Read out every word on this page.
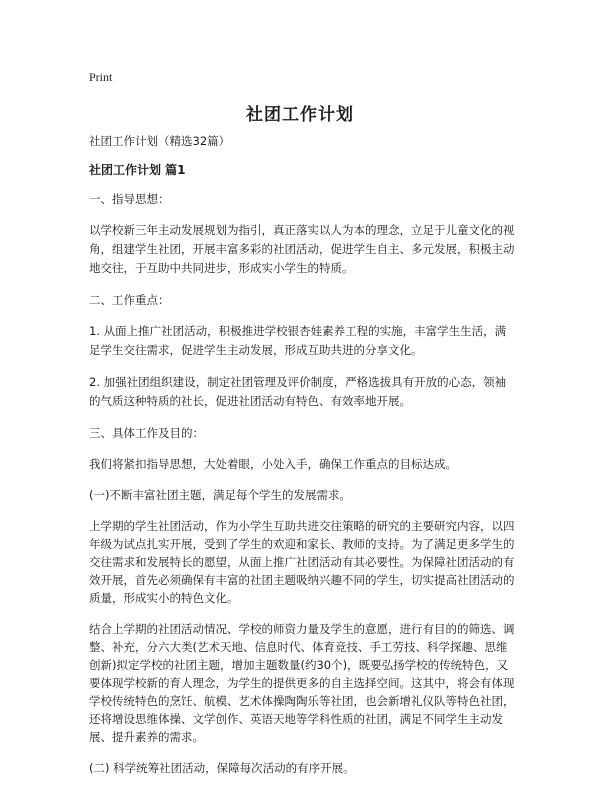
Print
社团工作计划
社团工作计划（精选32篇）
社团工作计划 篇1
一、指导思想：
以学校新三年主动发展规划为指引，真正落实以人为本的理念，立足于儿童文化的视角，组建学生社团，开展丰富多彩的社团活动，促进学生自主、多元发展，积极主动地交往，于互助中共同进步，形成实小学生的特质。
二、工作重点：
1. 从面上推广社团活动，积极推进学校银杏娃素养工程的实施，丰富学生生活，满足学生交往需求，促进学生主动发展，形成互助共进的分享文化。
2. 加强社团组织建设，制定社团管理及评价制度，严格选拔具有开放的心态，领袖的气质这种特质的社长，促进社团活动有特色、有效率地开展。
三、具体工作及目的：
我们将紧扣指导思想，大处着眼，小处入手，确保工作重点的目标达成。
(一)不断丰富社团主题，满足每个学生的发展需求。
上学期的学生社团活动，作为小学生互助共进交往策略的研究的主要研究内容，以四年级为试点扎实开展，受到了学生的欢迎和家长、教师的支持。为了满足更多学生的交往需求和发展特长的愿望，从面上推广社团活动有其必要性。为保障社团活动的有效开展，首先必须确保有丰富的社团主题吸纳兴趣不同的学生，切实提高社团活动的质量，形成实小的特色文化。
结合上学期的社团活动情况、学校的师资力量及学生的意愿，进行有目的的筛选、调整、补充，分六大类(艺术天地、信息时代、体育竞技、手工劳技、科学探趣、思维创新)拟定学校的社团主题，增加主题数量(约30个)，既要弘扬学校的传统特色，又要体现学校新的育人理念，为学生的提供更多的自主选择空间。这其中，将会有体现学校传统特色的烹饪、航模、艺术体操陶陶乐等社团，也会新增礼仪队等特色社团，还将增设思维体操、文学创作、英语天地等学科性质的社团，满足不同学生主动发展、提升素养的需求。
(二) 科学统筹社团活动，保障每次活动的有序开展。
